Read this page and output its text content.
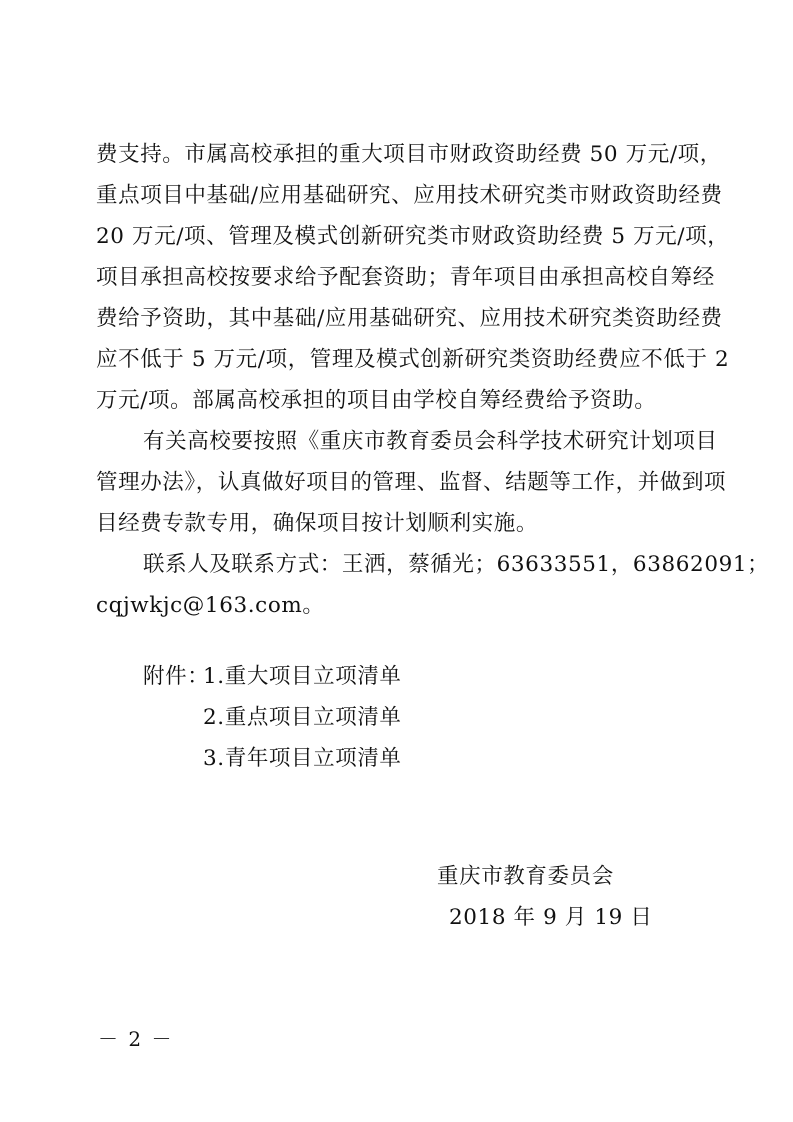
费支持。市属高校承担的重大项目市财政资助经费 50 万元/项，
重点项目中基础/应用基础研究、应用技术研究类市财政资助经费
20 万元/项、管理及模式创新研究类市财政资助经费 5 万元/项，
项目承担高校按要求给予配套资助；青年项目由承担高校自筹经
费给予资助，其中基础/应用基础研究、应用技术研究类资助经费
应不低于 5 万元/项，管理及模式创新研究类资助经费应不低于 2
万元/项。部属高校承担的项目由学校自筹经费给予资助。
有关高校要按照《重庆市教育委员会科学技术研究计划项目
管理办法》，认真做好项目的管理、监督、结题等工作，并做到项
目经费专款专用，确保项目按计划顺利实施。
联系人及联系方式：王洒，蔡循光；63633551，63862091；
cqjwkjc@163.com。
附件：
1.重大项目立项清单
2.重点项目立项清单
3.青年项目立项清单
重庆市教育委员会
2018 年 9 月 19 日
－ 2 －
